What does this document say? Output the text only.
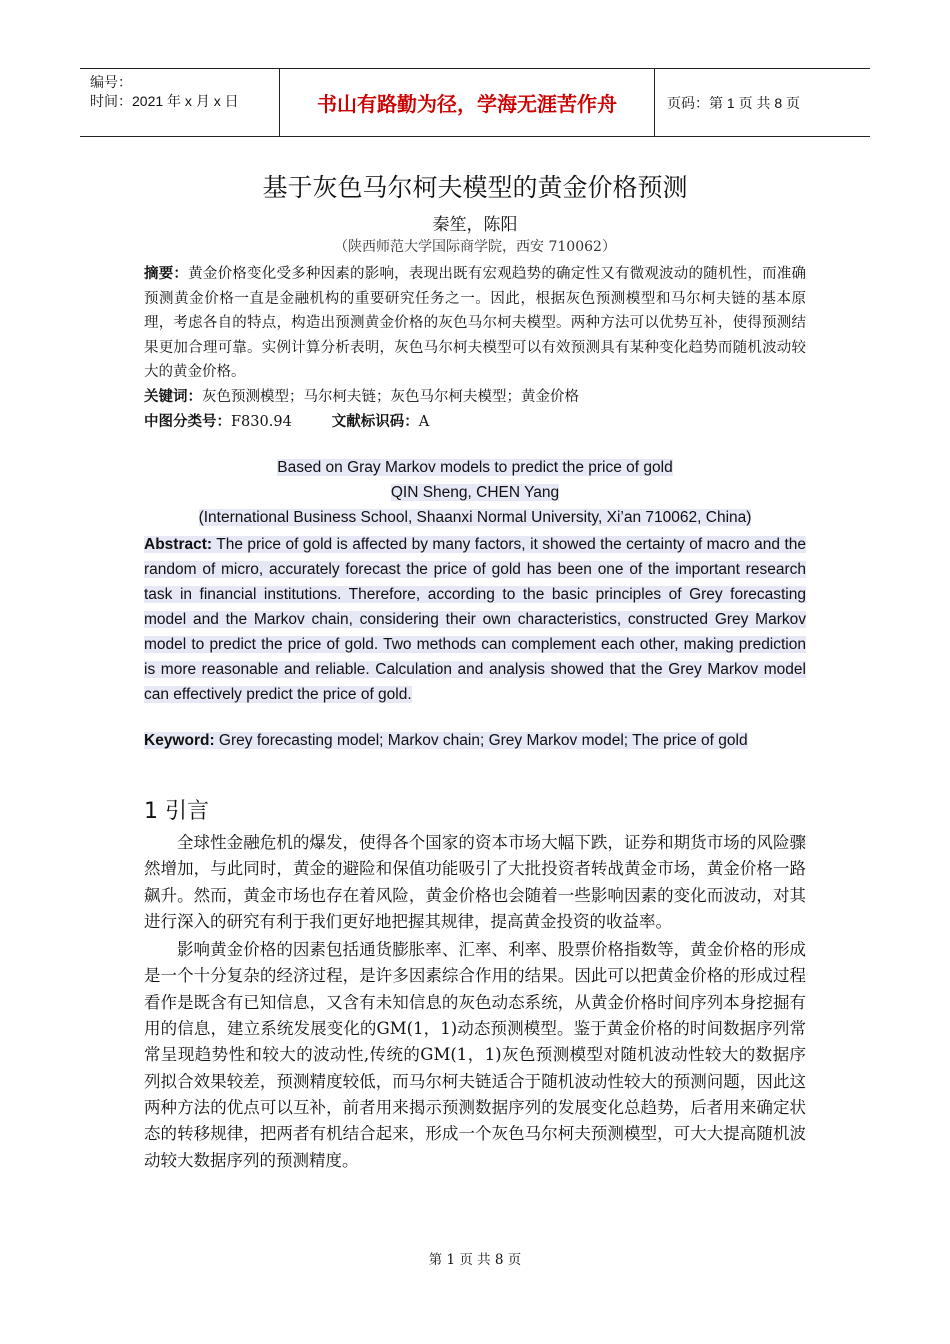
编号：
时间：2021 年 x 月 x 日	书山有路勤为径，学海无涯苦作舟	页码：第 1 页 共 8 页
基于灰色马尔柯夫模型的黄金价格预测
秦笙，陈阳
（陕西师范大学国际商学院，西安 710062）
摘要：黄金价格变化受多种因素的影响，表现出既有宏观趋势的确定性又有微观波动的随机性，而准确预测黄金价格一直是金融机构的重要研究任务之一。因此，根据灰色预测模型和马尔柯夫链的基本原理，考虑各自的特点，构造出预测黄金价格的灰色马尔柯夫模型。两种方法可以优势互补，使得预测结果更加合理可靠。实例计算分析表明，灰色马尔柯夫模型可以有效预测具有某种变化趋势而随机波动较大的黄金价格。
关键词：灰色预测模型；马尔柯夫链；灰色马尔柯夫模型；黄金价格
中图分类号：F830.94	文献标识码：A
Based on Gray Markov models to predict the price of gold
QIN Sheng, CHEN Yang
(International Business School, Shaanxi Normal University, Xi’an 710062, China)
Abstract: The price of gold is affected by many factors, it showed the certainty of macro and the random of micro, accurately forecast the price of gold has been one of the important research task in financial institutions. Therefore, according to the basic principles of Grey forecasting model and the Markov chain, considering their own characteristics, constructed Grey Markov model to predict the price of gold. Two methods can complement each other, making prediction is more reasonable and reliable. Calculation and analysis showed that the Grey Markov model can effectively predict the price of gold.
Keyword: Grey forecasting model; Markov chain; Grey Markov model; The price of gold
1 引言

全球性金融危机的爆发，使得各个国家的资本市场大幅下跌，证券和期货市场的风险骤然增加，与此同时，黄金的避险和保值功能吸引了大批投资者转战黄金市场，黄金价格一路飙升。然而，黄金市场也存在着风险，黄金价格也会随着一些影响因素的变化而波动，对其进行深入的研究有利于我们更好地把握其规律，提高黄金投资的收益率。

影响黄金价格的因素包括通货膨胀率、汇率、利率、股票价格指数等，黄金价格的形成是一个十分复杂的经济过程，是许多因素综合作用的结果。因此可以把黄金价格的形成过程看作是既含有已知信息，又含有未知信息的灰色动态系统，从黄金价格时间序列本身挖掘有用的信息，建立系统发展变化的GM(1，1)动态预测模型。鉴于黄金价格的时间数据序列常常呈现趋势性和较大的波动性,传统的GM(1，1)灰色预测模型对随机波动性较大的数据序列拟合效果较差，预测精度较低，而马尔柯夫链适合于随机波动性较大的预测问题，因此这两种方法的优点可以互补，前者用来揭示预测数据序列的发展变化总趋势，后者用来确定状态的转移规律，把两者有机结合起来，形成一个灰色马尔柯夫预测模型，可大大提高随机波动较大数据序列的预测精度。

第 1 页 共 8 页
